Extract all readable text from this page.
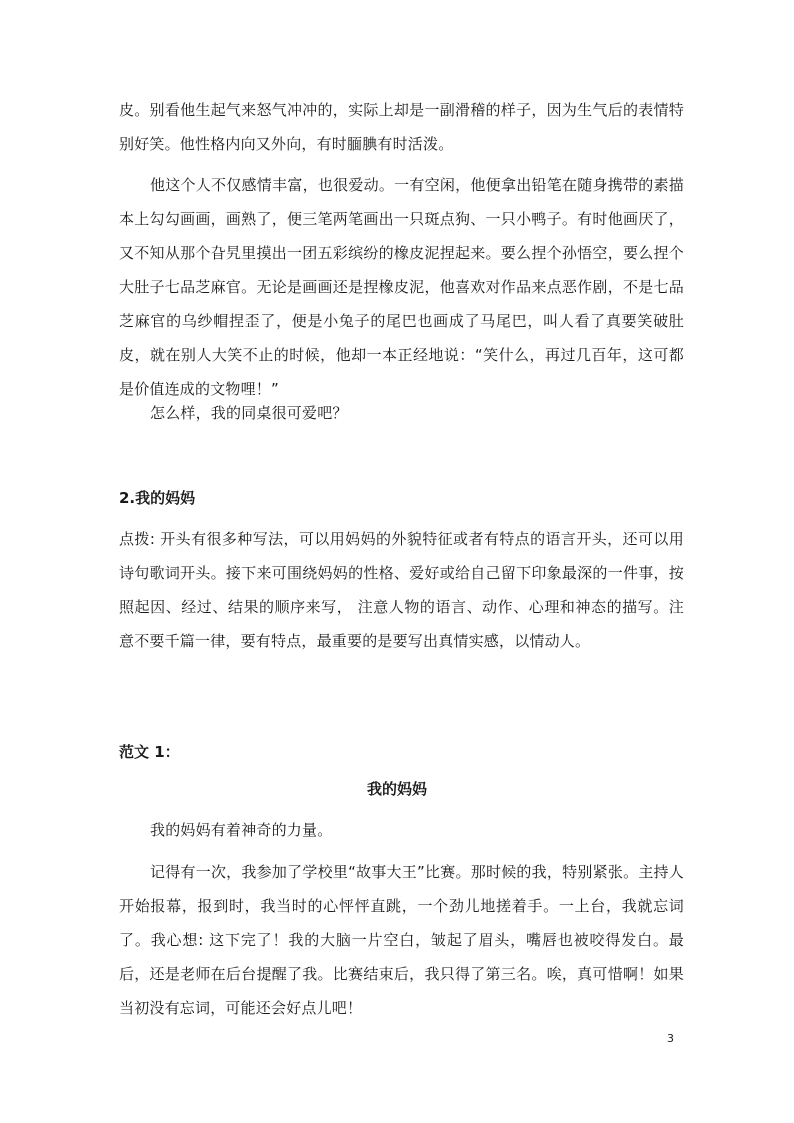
皮。别看他生起气来怒气冲冲的，实际上却是一副滑稽的样子，因为生气后的表情特别好笑。他性格内向又外向，有时腼腆有时活泼。

他这个人不仅感情丰富，也很爱动。一有空闲，他便拿出铅笔在随身携带的素描本上勾勾画画，画熟了，便三笔两笔画出一只斑点狗、一只小鸭子。有时他画厌了，又不知从那个旮旯里摸出一团五彩缤纷的橡皮泥捏起来。要么捏个孙悟空，要么捏个大肚子七品芝麻官。无论是画画还是捏橡皮泥，他喜欢对作品来点恶作剧，不是七品芝麻官的乌纱帽捏歪了，便是小兔子的尾巴也画成了马尾巴，叫人看了真要笑破肚皮，就在别人大笑不止的时候，他却一本正经地说：“笑什么，再过几百年，这可都是价值连成的文物哩！”

怎么样，我的同桌很可爱吧？

2.我的妈妈

点拨: 开头有很多种写法，可以用妈妈的外貌特征或者有特点的语言开头，还可以用诗句歌词开头。接下来可围绕妈妈的性格、爱好或给自己留下印象最深的一件事，按照起因、经过、结果的顺序来写， 注意人物的语言、动作、心理和神态的描写。注意不要千篇一律，要有特点，最重要的是要写出真情实感，以情动人。

范文 1：

我的妈妈

我的妈妈有着神奇的力量。

记得有一次，我参加了学校里“故事大王”比赛。那时候的我，特别紧张。主持人开始报幕，报到时，我当时的心怦怦直跳，一个劲儿地搓着手。一上台，我就忘词了。我心想: 这下完了！我的大脑一片空白，皱起了眉头，嘴唇也被咬得发白。最后，还是老师在后台提醒了我。比赛结束后，我只得了第三名。唉，真可惜啊！如果当初没有忘词，可能还会好点儿吧！

3
